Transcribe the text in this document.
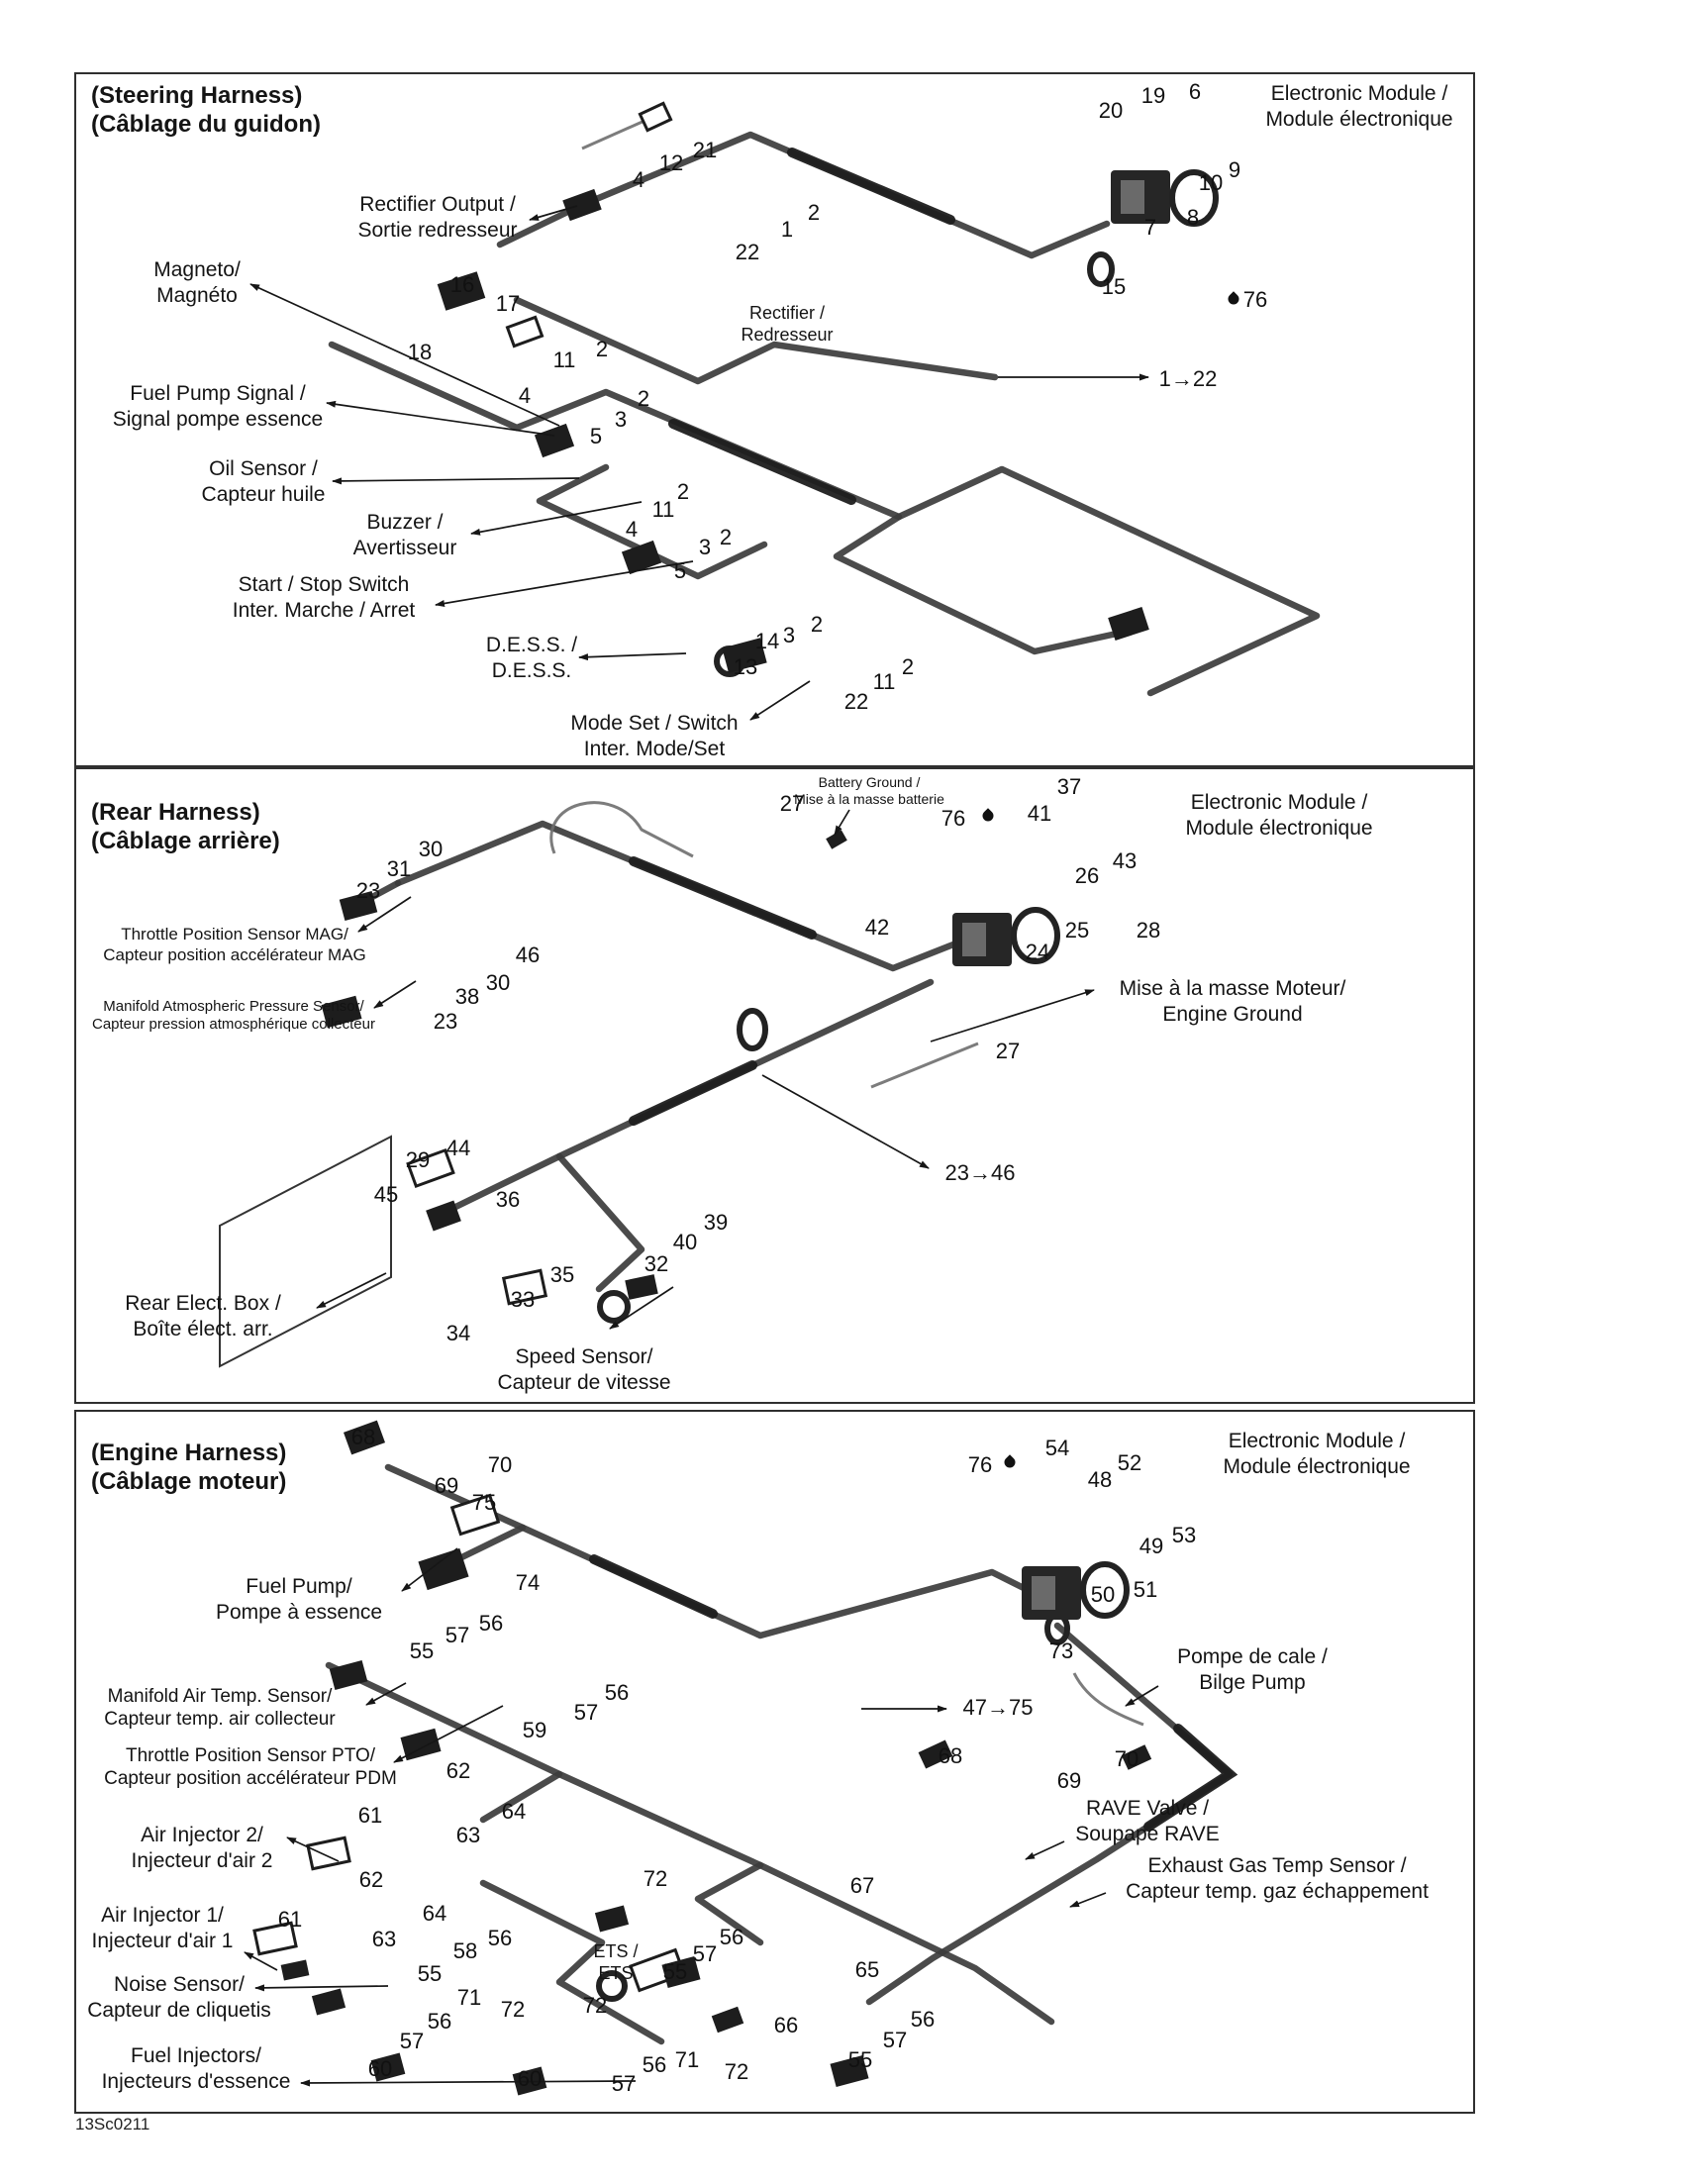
(Steering Harness)
(Câblage du guidon)
Electronic Module /
Module électronique
Rectifier Output /
Sortie redresseur
Magneto/
Magnéto
Fuel Pump Signal /
Signal pompe essence
Oil Sensor /
Capteur huile
Buzzer /
Avertisseur
Start / Stop Switch
Inter. Marche / Arret
D.E.S.S. /
D.E.S.S.
Mode Set / Switch
Inter. Mode/Set
Rectifier /
Redresseur
1→22
4
12
21
22
1
2
20
19 6
9
10
8
7
15
76
16
17
18	11 2
4	2
3
5
11
2
4
3 2
5
14
13
3 2
22
11
2
(Rear Harness)
(Câblage arrière)
Battery Ground /
Mise à la masse batterie	Electronic Module /
Module électronique
Throttle Position Sensor MAG/
Capteur position accélérateur MAG
Manifold Atmospheric Pressure Sensor/
Capteur pression atmosphérique collecteur
Mise à la masse Moteur/
Engine Ground
Rear Elect. Box /
Boîte élect. arr.
Speed Sensor/
Capteur de vitesse
23→46
27
37
41
76
26
43
25 28
42
24
23
31
30
46
38
30
23
29 44
45	36
35
33
34
32
40
39
27
(Engine Harness)
(Câblage moteur)
Electronic Module /
Module électronique
Fuel Pump/
Pompe à essence
Manifold Air Temp. Sensor/
Capteur temp. air collecteur
Throttle Position Sensor PTO/
Capteur position accélérateur PDM
Air Injector 2/
Injecteur d'air 2
Air Injector 1/
Injecteur d'air 1
Noise Sensor/
Capteur de cliquetis
Fuel Injectors/
Injecteurs d'essence
Pompe de cale /
Bilge Pump
RAVE Valve /
Soupape RAVE
Exhaust Gas Temp Sensor /
Capteur temp. gaz échappement
ETS /
ETS
47→75
68
70
69
75
74
55
57 56
59
57
56
62
64
61
63
62
64
61
63
55
58
56
55
57
56
72
72
71 72
56
57
60	60	57
56 71 72
67
65
66
55
57
56
76
54
48
52
53
49
50 51
73
68
69
70
13Sc0211
